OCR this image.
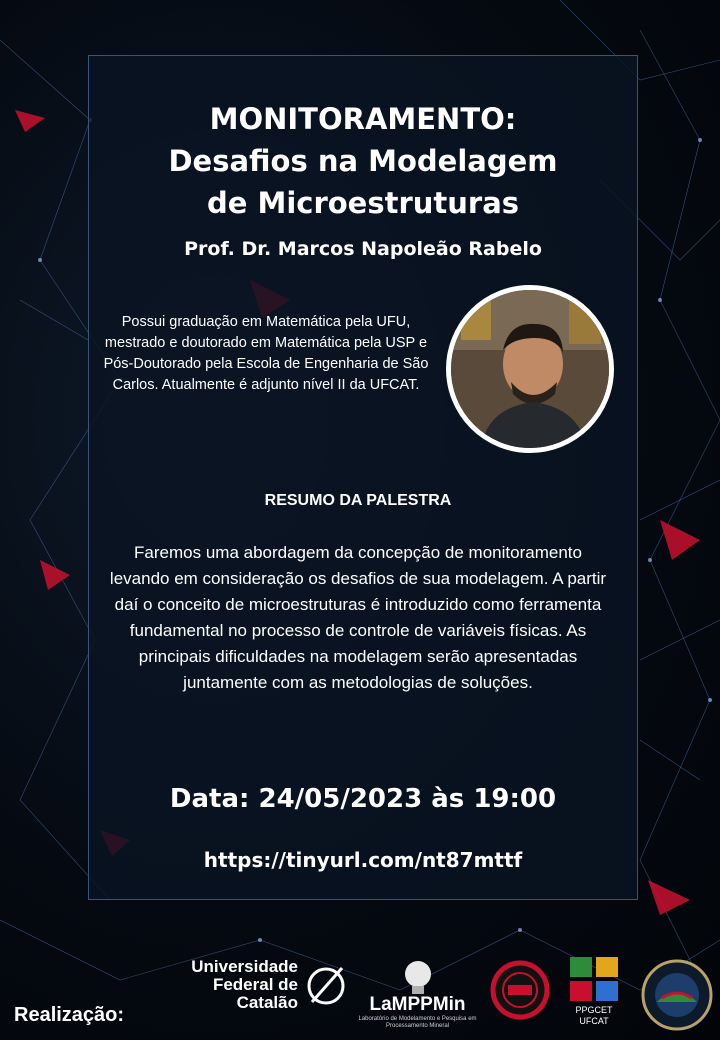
MONITORAMENTO:
Desafios na Modelagem
de Microestruturas
Prof. Dr. Marcos Napoleão Rabelo
Possui graduação em Matemática pela UFU, mestrado e doutorado em Matemática pela USP e Pós-Doutorado pela Escola de Engenharia de São Carlos. Atualmente é adjunto nível II da UFCAT.
RESUMO DA PALESTRA
Faremos uma abordagem da concepção de monitoramento levando em consideração os desafios de sua modelagem. A partir daí o conceito de microestruturas é introduzido como ferramenta fundamental no processo de controle de variáveis físicas. As principais dificuldades na modelagem serão apresentadas juntamente com as metodologias de soluções.
Data: 24/05/2023 às 19:00
https://tinyurl.com/nt87mttf
Realização:
Universidade
Federal de
Catalão	LaMPPMin
Laboratório de Modelamento e Pesquisa em Processamento Mineral
PPGCET
UFCAT
